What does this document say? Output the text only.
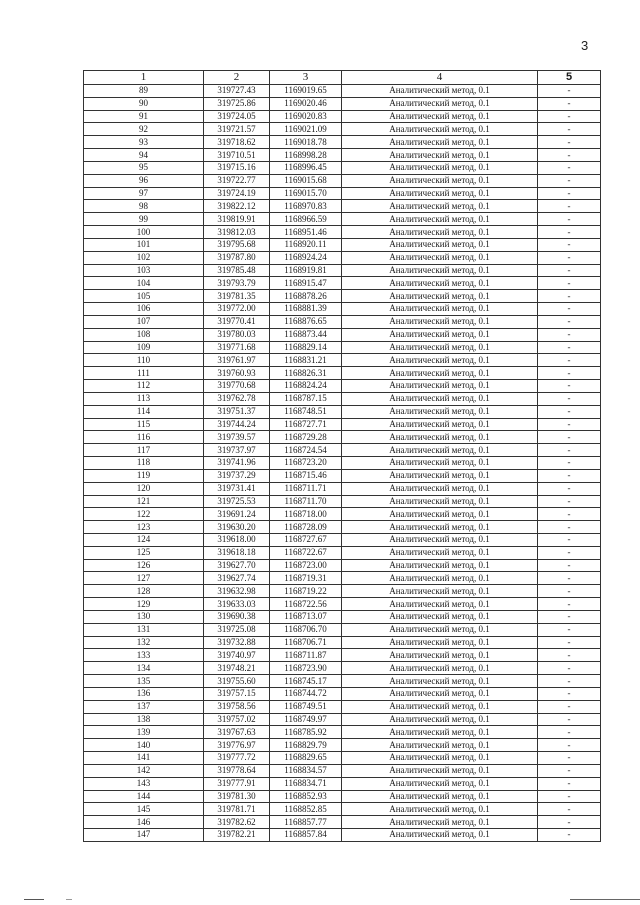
3
1	2	3	4	5
89	319727.43	1169019.65	Аналитический метод, 0.1	-
90	319725.86	1169020.46	Аналитический метод, 0.1	-
91	319724.05	1169020.83	Аналитический метод, 0.1	-
92	319721.57	1169021.09	Аналитический метод, 0.1	-
93	319718.62	1169018.78	Аналитический метод, 0.1	-
94	319710.51	1168998.28	Аналитический метод, 0.1	-
95	319715.16	1168996.45	Аналитический метод, 0.1	-
96	319722.77	1169015.68	Аналитический метод, 0.1	-
97	319724.19	1169015.70	Аналитический метод, 0.1	-
98	319822.12	1168970.83	Аналитический метод, 0.1	-
99	319819.91	1168966.59	Аналитический метод, 0.1	-
100	319812.03	1168951.46	Аналитический метод, 0.1	-
101	319795.68	1168920.11	Аналитический метод, 0.1	-
102	319787.80	1168924.24	Аналитический метод, 0.1	-
103	319785.48	1168919.81	Аналитический метод, 0.1	-
104	319793.79	1168915.47	Аналитический метод, 0.1	-
105	319781.35	1168878.26	Аналитический метод, 0.1	-
106	319772.00	1168881.39	Аналитический метод, 0.1	-
107	319770.41	1168876.65	Аналитический метод, 0.1	-
108	319780.03	1168873.44	Аналитический метод, 0.1	-
109	319771.68	1168829.14	Аналитический метод, 0.1	-
110	319761.97	1168831.21	Аналитический метод, 0.1	-
111	319760.93	1168826.31	Аналитический метод, 0.1	-
112	319770.68	1168824.24	Аналитический метод, 0.1	-
113	319762.78	1168787.15	Аналитический метод, 0.1	-
114	319751.37	1168748.51	Аналитический метод, 0.1	-
115	319744.24	1168727.71	Аналитический метод, 0.1	-
116	319739.57	1168729.28	Аналитический метод, 0.1	-
117	319737.97	1168724.54	Аналитический метод, 0.1	-
118	319741.96	1168723.20	Аналитический метод, 0.1	-
119	319737.29	1168715.46	Аналитический метод, 0.1	-
120	319731.41	1168711.71	Аналитический метод, 0.1	-
121	319725.53	1168711.70	Аналитический метод, 0.1	-
122	319691.24	1168718.00	Аналитический метод, 0.1	-
123	319630.20	1168728.09	Аналитический метод, 0.1	-
124	319618.00	1168727.67	Аналитический метод, 0.1	-
125	319618.18	1168722.67	Аналитический метод, 0.1	-
126	319627.70	1168723.00	Аналитический метод, 0.1	-
127	319627.74	1168719.31	Аналитический метод, 0.1	-
128	319632.98	1168719.22	Аналитический метод, 0.1	-
129	319633.03	1168722.56	Аналитический метод, 0.1	-
130	319690.38	1168713.07	Аналитический метод, 0.1	-
131	319725.08	1168706.70	Аналитический метод, 0.1	-
132	319732.88	1168706.71	Аналитический метод, 0.1	-
133	319740.97	1168711.87	Аналитический метод, 0.1	-
134	319748.21	1168723.90	Аналитический метод, 0.1	-
135	319755.60	1168745.17	Аналитический метод, 0.1	-
136	319757.15	1168744.72	Аналитический метод, 0.1	-
137	319758.56	1168749.51	Аналитический метод, 0.1	-
138	319757.02	1168749.97	Аналитический метод, 0.1	-
139	319767.63	1168785.92	Аналитический метод, 0.1	-
140	319776.97	1168829.79	Аналитический метод, 0.1	-
141	319777.72	1168829.65	Аналитический метод, 0.1	-
142	319778.64	1168834.57	Аналитический метод, 0.1	-
143	319777.91	1168834.71	Аналитический метод, 0.1	-
144	319781.30	1168852.93	Аналитический метод, 0.1	-
145	319781.71	1168852.85	Аналитический метод, 0.1	-
146	319782.62	1168857.77	Аналитический метод, 0.1	-
147	319782.21	1168857.84	Аналитический метод, 0.1	-
